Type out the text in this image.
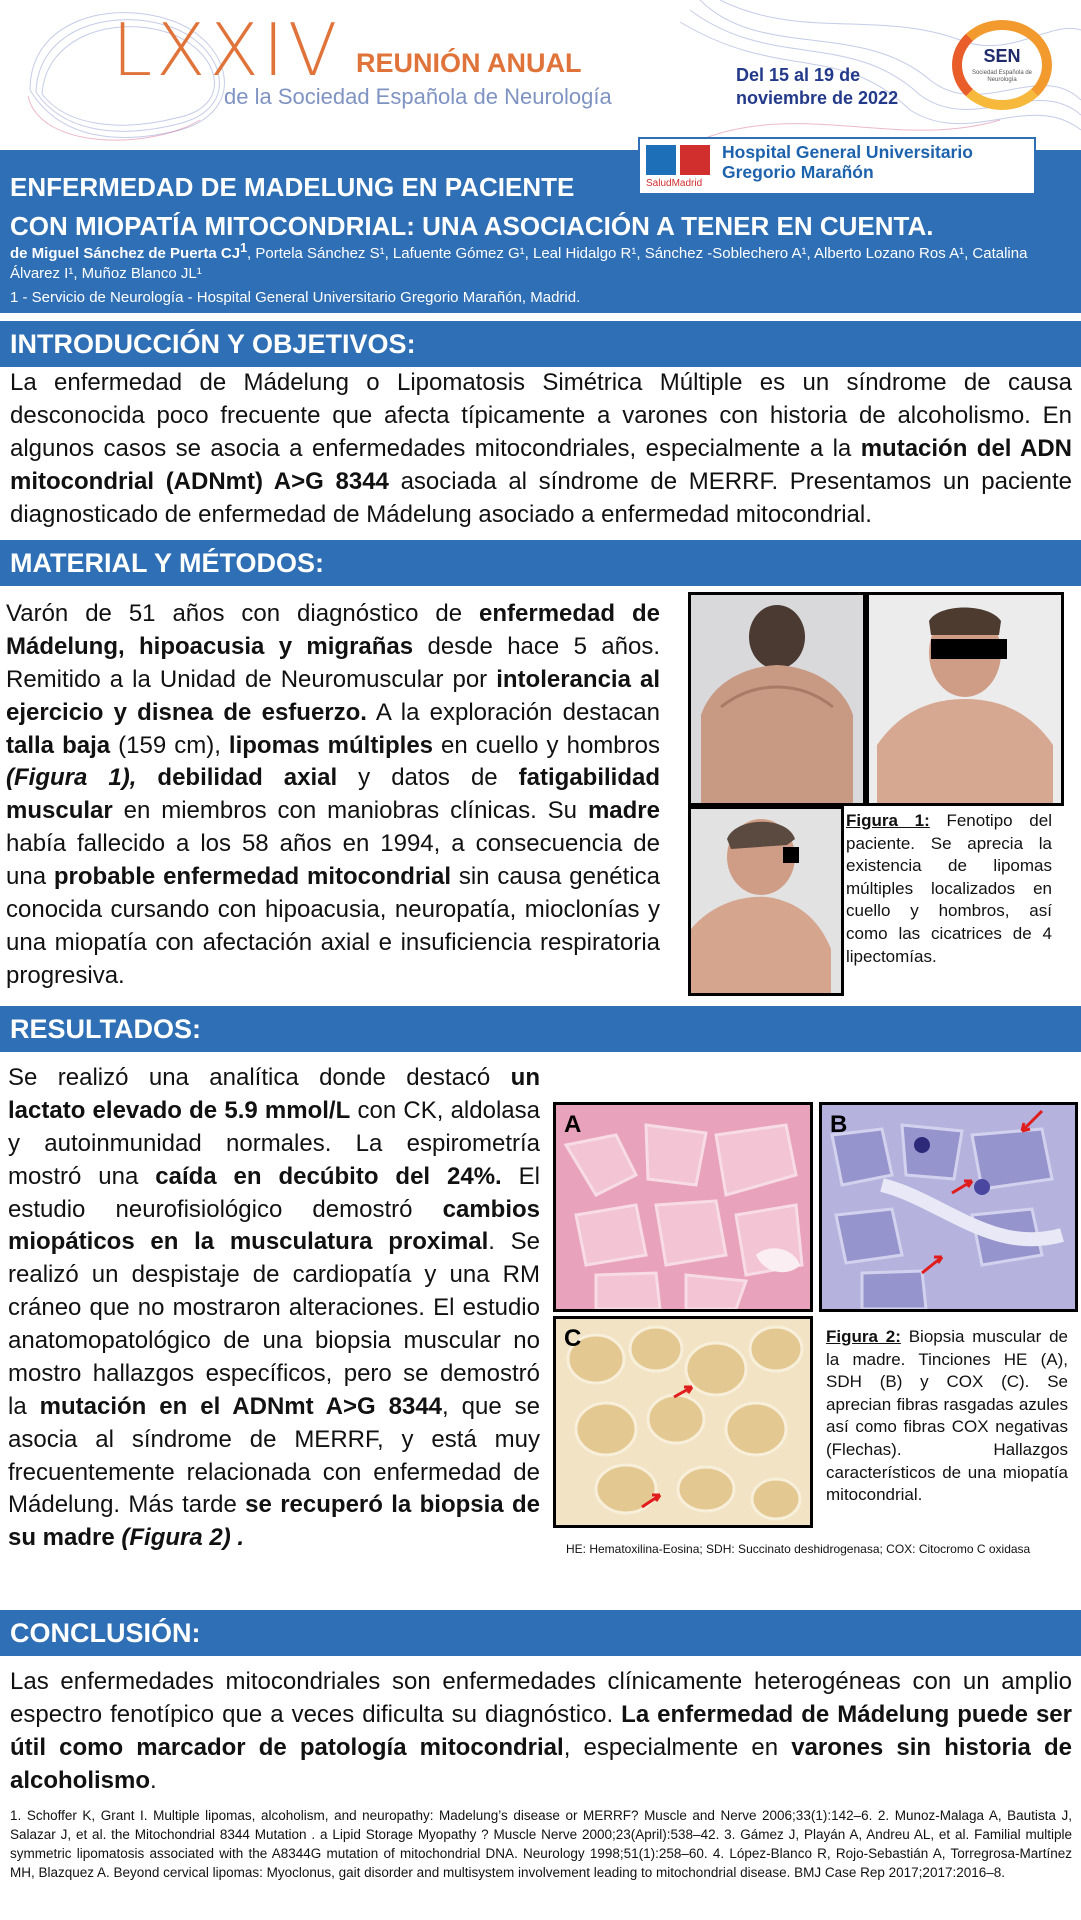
LXXIV REUNIÓN ANUAL
de la Sociedad Española de Neurología
Del 15 al 19 de noviembre de 2022
SEN
Sociedad Española de Neurología
ENFERMEDAD DE MADELUNG EN PACIENTE
CON MIOPATÍA MITOCONDRIAL: UNA ASOCIACIÓN A TENER EN CUENTA.
de Miguel Sánchez de Puerta $CJ^1$, Portela Sánchez S¹, Lafuente Gómez G¹, Leal Hidalgo R¹, Sánchez -Soblechero A¹, Alberto Lozano Ros A¹, Catalina Álvarez I¹, Muñoz Blanco JL¹
1 - Servicio de Neurología - Hospital General Universitario Gregorio Marañón, Madrid.
SaludMadrid
Hospital General Universitario Gregorio Marañón
INTRODUCCIÓN Y OBJETIVOS:
La enfermedad de Mádelung o Lipomatosis Simétrica Múltiple es un síndrome de causa desconocida poco frecuente que afecta típicamente a varones con historia de alcoholismo. En algunos casos se asocia a enfermedades mitocondriales, especialmente a la mutación del ADN mitocondrial (ADNmt) A>G 8344 asociada al síndrome de MERRF. Presentamos un paciente diagnosticado de enfermedad de Mádelung asociado a enfermedad mitocondrial.
MATERIAL Y MÉTODOS:
Varón de 51 años con diagnóstico de enfermedad de Mádelung, hipoacusia y migrañas desde hace 5 años. Remitido a la Unidad de Neuromuscular por intolerancia al ejercicio y disnea de esfuerzo. A la exploración destacan talla baja (159 cm), lipomas múltiples en cuello y hombros (Figura 1), debilidad axial y datos de fatigabilidad muscular en miembros con maniobras clínicas. Su madre había fallecido a los 58 años en 1994, a consecuencia de una probable enfermedad mitocondrial sin causa genética conocida cursando con hipoacusia, neuropatía, mioclonías y una miopatía con afectación axial e insuficiencia respiratoria progresiva.
Figura 1: Fenotipo del paciente. Se aprecia la existencia de lipomas múltiples localizados en cuello y hombros, así como las cicatrices de 4 lipectomías.
RESULTADOS:
Se realizó una analítica donde destacó un lactato elevado de 5.9 mmol/L con CK, aldolasa y autoinmunidad normales. La espirometría mostró una caída en decúbito del 24%. El estudio neurofisiológico demostró cambios miopáticos en la musculatura proximal. Se realizó un despistaje de cardiopatía y una RM cráneo que no mostraron alteraciones. El estudio anatomopatológico de una biopsia muscular no mostro hallazgos específicos, pero se demostró la mutación en el ADNmt A>G 8344, que se asocia al síndrome de MERRF, y está muy frecuentemente relacionada con enfermedad de Mádelung. Más tarde se recuperó la biopsia de su madre (Figura 2) .
A	B
C	Figura 2: Biopsia muscular de la madre. Tinciones HE (A), SDH (B) y COX (C). Se aprecian fibras rasgadas azules así como fibras COX negativas (Flechas). Hallazgos característicos de una miopatía mitocondrial.
HE: Hematoxilina-Eosina; SDH: Succinato deshidrogenasa; COX: Citocromo C oxidasa
CONCLUSIÓN:
Las enfermedades mitocondriales son enfermedades clínicamente heterogéneas con un amplio espectro fenotípico que a veces dificulta su diagnóstico. La enfermedad de Mádelung puede ser útil como marcador de patología mitocondrial, especialmente en varones sin historia de alcoholismo.
1. Schoffer K, Grant I. Multiple lipomas, alcoholism, and neuropathy: Madelung’s disease or MERRF? Muscle and Nerve 2006;33(1):142–6. 2. Munoz-Malaga A, Bautista J, Salazar J, et al. the Mitochondrial 8344 Mutation . a Lipid Storage Myopathy ? Muscle Nerve 2000;23(April):538–42. 3. Gámez J, Playán A, Andreu AL, et al. Familial multiple symmetric lipomatosis associated with the A8344G mutation of mitochondrial DNA. Neurology 1998;51(1):258–60. 4. López-Blanco R, Rojo-Sebastián A, Torregrosa-Martínez MH, Blazquez A. Beyond cervical lipomas: Myoclonus, gait disorder and multisystem involvement leading to mitochondrial disease. BMJ Case Rep 2017;2017:2016–8.
